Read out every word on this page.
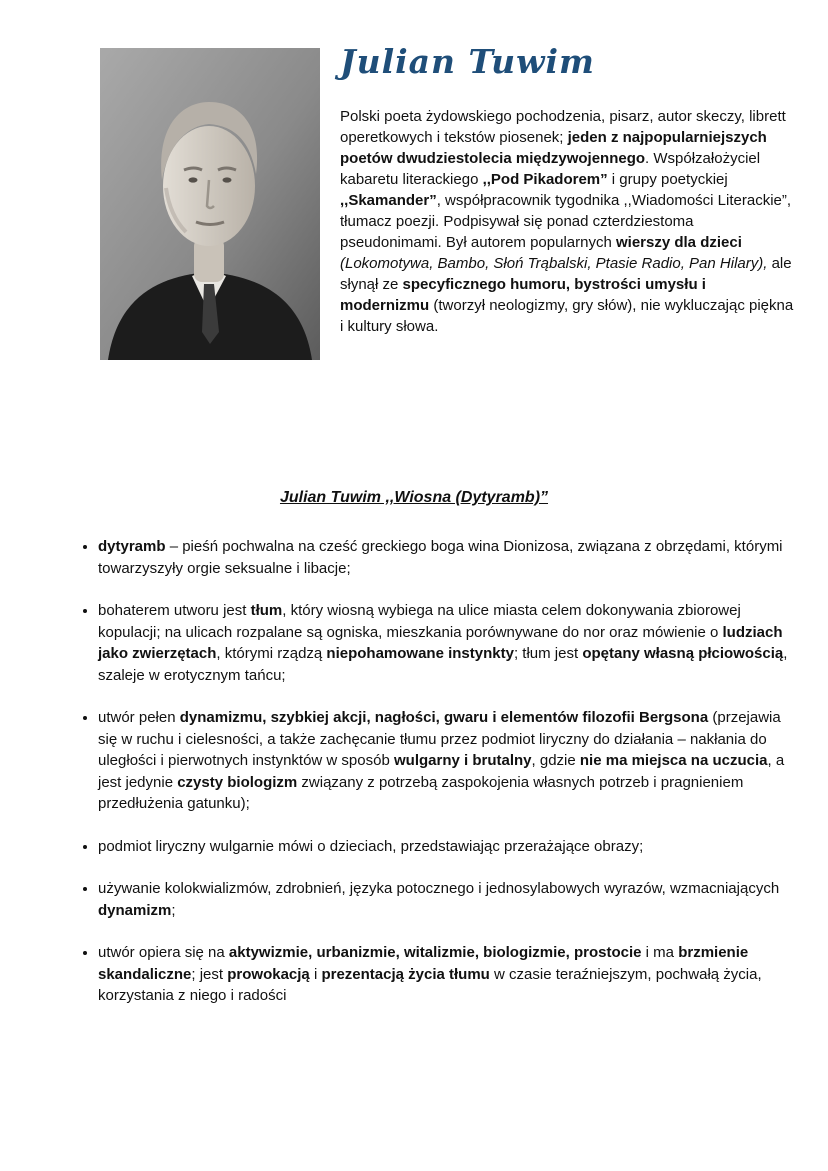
Julian Tuwim
Polski poeta żydowskiego pochodzenia, pisarz, autor skeczy, librett operetkowych i tekstów piosenek; jeden z najpopularniejszych poetów dwudziestolecia międzywojennego. Współzałożyciel kabaretu literackiego ,,Pod Pikadorem” i grupy poetyckiej ,,Skamander”, współpracownik tygodnika ,,Wiadomości Literackie”, tłumacz poezji. Podpisywał się ponad czterdziestoma pseudonimami. Był autorem popularnych wierszy dla dzieci (Lokomotywa, Bambo, Słoń Trąbalski, Ptasie Radio, Pan Hilary), ale słynął ze specyficznego humoru, bystrości umysłu i modernizmu (tworzył neologizmy, gry słów), nie wykluczając piękna i kultury słowa.
Julian Tuwim ,,Wiosna (Dytyramb)”
• dytyramb – pieśń pochwalna na cześć greckiego boga wina Dionizosa, związana z obrzędami, którymi towarzyszyły orgie seksualne i libacje;
• bohaterem utworu jest tłum, który wiosną wybiega na ulice miasta celem dokonywania zbiorowej kopulacji; na ulicach rozpalane są ogniska, mieszkania porównywane do nor oraz mówienie o ludziach jako zwierzętach, którymi rządzą niepohamowane instynkty; tłum jest opętany własną płciowością, szaleje w erotycznym tańcu;
• utwór pełen dynamizmu, szybkiej akcji, nagłości, gwaru i elementów filozofii Bergsona (przejawia się w ruchu i cielesności, a także zachęcanie tłumu przez podmiot liryczny do działania – nakłania do uległości i pierwotnych instynktów w sposób wulgarny i brutalny, gdzie nie ma miejsca na uczucia, a jest jedynie czysty biologizm związany z potrzebą zaspokojenia własnych potrzeb i pragnieniem przedłużenia gatunku);
• podmiot liryczny wulgarnie mówi o dzieciach, przedstawiając przerażające obrazy;
• używanie kolokwializmów, zdrobnień, języka potocznego i jednosylabowych wyrazów, wzmacniających dynamizm;
• utwór opiera się na aktywizmie, urbanizmie, witalizmie, biologizmie, prostocie i ma brzmienie skandaliczne; jest prowokacją i prezentacją życia tłumu w czasie teraźniejszym, pochwałą życia, korzystania z niego i radości
